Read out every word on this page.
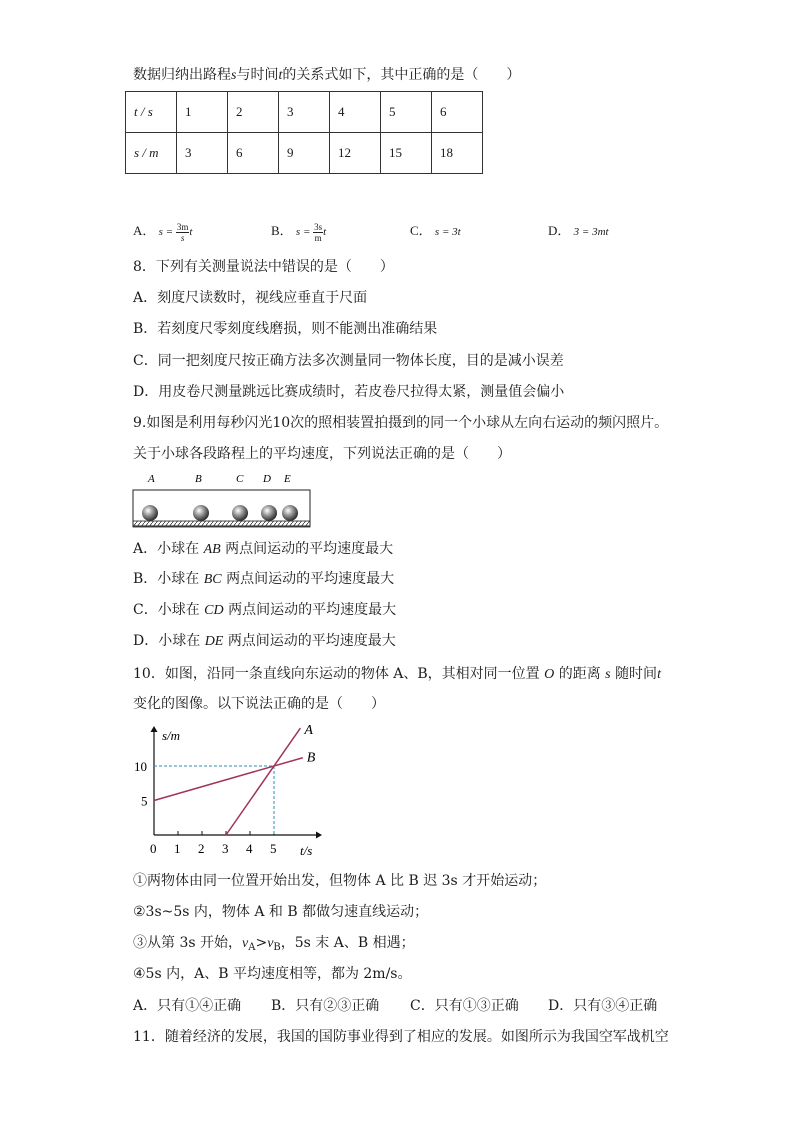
数据归纳出路程s与时间t的关系式如下，其中正确的是（　　）
t / s	1	2	3	4	5	6
s / m	3	6	9	12	15	18
A． $s = \frac{3m}{s}$ t	B． $s = \frac{3s}{m}$ t	C． s = 3t	D． 3 = 3mt
8．下列有关测量说法中错误的是（　　）
A．刻度尺读数时，视线应垂直于尺面
B．若刻度尺零刻度线磨损，则不能测出准确结果
C．同一把刻度尺按正确方法多次测量同一物体长度，目的是减小误差
D．用皮卷尺测量跳远比赛成绩时，若皮卷尺拉得太紧，测量值会偏小
9.如图是利用每秒闪光10次的照相装置拍摄到的同一个小球从左向右运动的频闪照片。
关于小球各段路程上的平均速度，下列说法正确的是（　　）
A	B	C D E
A．小球在 AB 两点间运动的平均速度最大
B．小球在 BC 两点间运动的平均速度最大
C．小球在 CD 两点间运动的平均速度最大
D．小球在 DE 两点间运动的平均速度最大
10．如图，沿同一条直线向东运动的物体 A、B，其相对同一位置 O 的距离 s 随时间t
变化的图像。以下说法正确的是（　　）
s/m
t/s
0 1 2 3 4 5
5
10
A
B
①两物体由同一位置开始出发，但物体 A 比 B 迟 3s 才开始运动；
②3s~5s 内，物体 A 和 B 都做匀速直线运动；
③从第 3s 开始，$v_A>v_B$，5s 末 A、B 相遇；
④5s 内，A、B 平均速度相等，都为 2m/s。
A．只有①④正确 B．只有②③正确 C．只有①③正确 D．只有③④正确
11．随着经济的发展，我国的国防事业得到了相应的发展。如图所示为我国空军战机空
